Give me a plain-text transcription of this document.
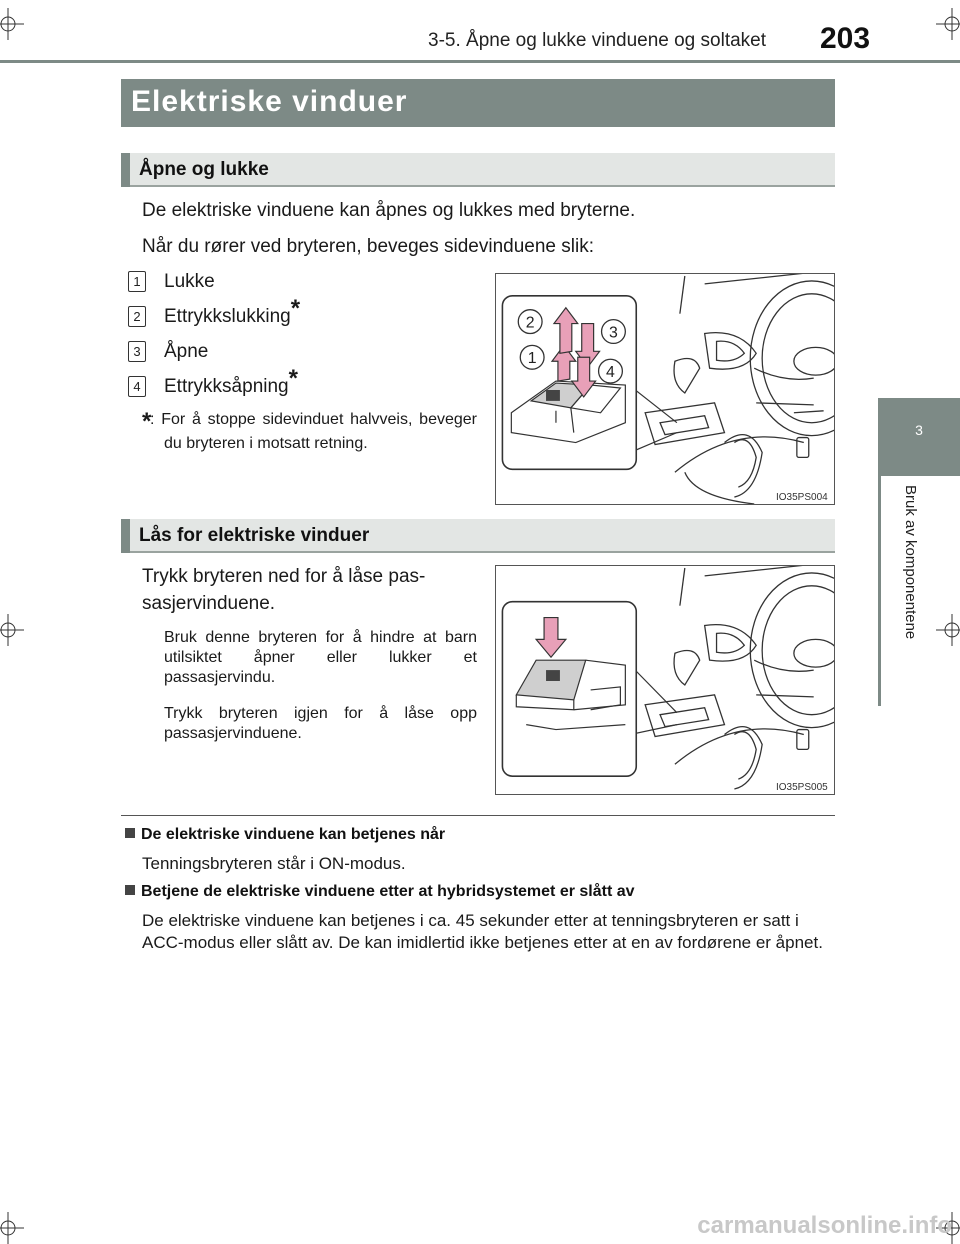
3-5. Åpne og lukke vinduene og soltaket 203
3
Bruk av komponentene
Elektriske vinduer
Åpne og lukke
De elektriske vinduene kan åpnes og lukkes med bryterne.
Når du rører ved bryteren, beveges sidevinduene slik:
1 Lukke
2 Ettrykkslukking*
3 Åpne
4 Ettrykksåpning*
*
: For å stoppe sidevinduet halvveis, beveger du bryteren i motsatt retning.
1
2
3
4
IO35PS004
Lås for elektriske vinduer
Trykk bryteren ned for å låse pas-
sasjervinduene.
Bruk denne bryteren for å hindre at barn utilsiktet åpner eller lukker et passasjervindu.
Trykk bryteren igjen for å låse opp passasjervinduene.
IO35PS005
De elektriske vinduene kan betjenes når
Tenningsbryteren står i ON-modus.
Betjene de elektriske vinduene etter at hybridsystemet er slått av
De elektriske vinduene kan betjenes i ca. 45 sekunder etter at tenningsbryteren er satt i ACC-modus eller slått av. De kan imidlertid ikke betjenes etter at en av fordørene er åpnet.
carmanualsonline.info
